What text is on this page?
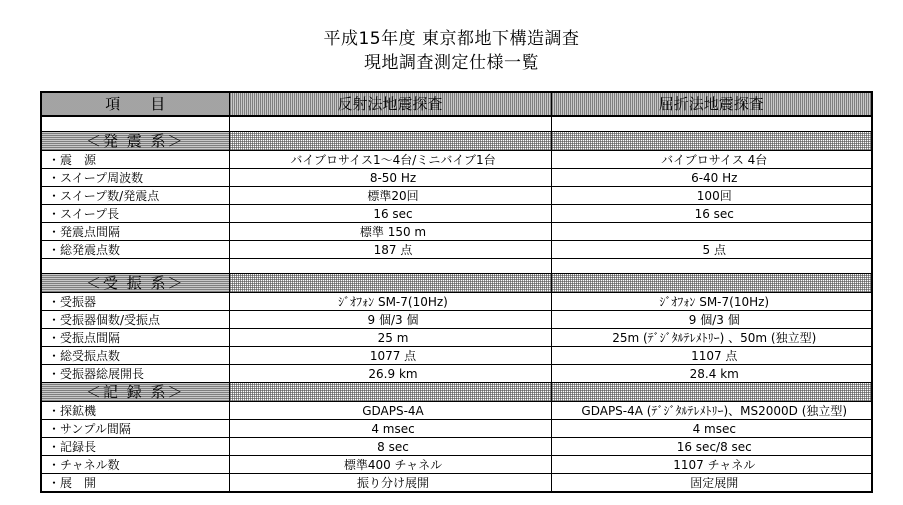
平成15年度 東京都地下構造調査
現地調査測定仕様一覧
項　　目	反射法地震探査	屈折法地震探査

＜発 震 系＞		
・震　源	バイブロサイス1～4台/ミニバイブ1台	バイブロサイス 4台
・スイープ周波数	8-50 Hz	6-40 Hz
・スイープ数/発震点	標準20回	100回
・スイープ長	16 sec	16 sec
・発震点間隔	標準 150 m	
・総発震点数	187 点	5 点

＜受 振 系＞		
・受振器	ｼﾞｵﾌｫﾝ SM-7(10Hz)	ｼﾞｵﾌｫﾝ SM-7(10Hz)
・受振器個数/受振点	9 個/3 個	9 個/3 個
・受振点間隔	25 m	25m (ﾃﾞｼﾞﾀﾙﾃﾚﾒﾄﾘｰ) 、50m (独立型)
・総受振点数	1077 点	1107 点
・受振器総展開長	26.9 km	28.4 km
＜記 録 系＞		
・探鉱機	GDAPS-4A	GDAPS-4A (ﾃﾞｼﾞﾀﾙﾃﾚﾒﾄﾘｰ)、MS2000D (独立型)
・サンプル間隔	4 msec	4 msec
・記録長	8 sec	16 sec/8 sec
・チャネル数	標準400 チャネル	1107 チャネル
・展　開	振り分け展開	固定展開
